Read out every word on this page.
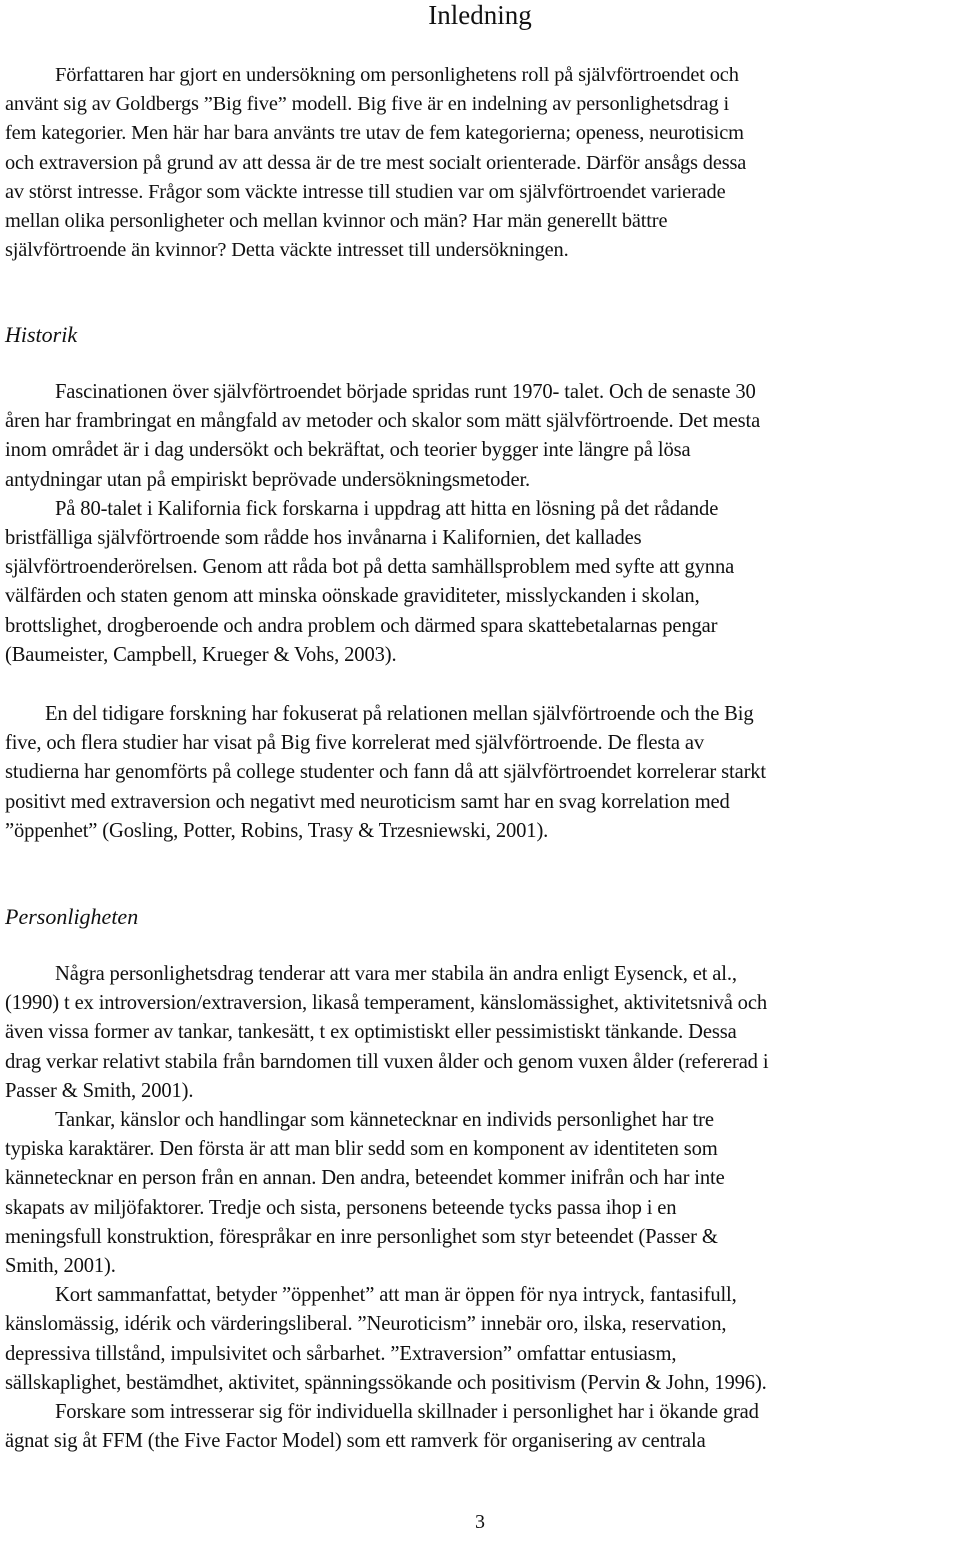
Inledning

Författaren har gjort en undersökning om personlighetens roll på självförtroendet och
använt sig av Goldbergs ”Big five” modell. Big five är en indelning av personlighetsdrag i
fem kategorier. Men här har bara använts tre utav de fem kategorierna; openess, neurotisicm
och extraversion på grund av att dessa är de tre mest socialt orienterade. Därför ansågs dessa
av störst intresse. Frågor som väckte intresse till studien var om självförtroendet varierade
mellan olika personligheter och mellan kvinnor och män? Har män generellt bättre
självförtroende än kvinnor? Detta väckte intresset till undersökningen.

Historik

Fascinationen över självförtroendet började spridas runt 1970- talet. Och de senaste 30
åren har frambringat en mångfald av metoder och skalor som mätt självförtroende. Det mesta
inom området är i dag undersökt och bekräftat, och teorier bygger inte längre på lösa
antydningar utan på empiriskt beprövade undersökningsmetoder.
På 80-talet i Kalifornia fick forskarna i uppdrag att hitta en lösning på det rådande
bristfälliga självförtroende som rådde hos invånarna i Kalifornien, det kallades
självförtroenderörelsen. Genom att råda bot på detta samhällsproblem med syfte att gynna
välfärden och staten genom att minska oönskade graviditeter, misslyckanden i skolan,
brottslighet, drogberoende och andra problem och därmed spara skattebetalarnas pengar
(Baumeister, Campbell, Krueger & Vohs, 2003).

En del tidigare forskning har fokuserat på relationen mellan självförtroende och the Big
five, och flera studier har visat på Big five korrelerat med självförtroende. De flesta av
studierna har genomförts på college studenter och fann då att självförtroendet korrelerar starkt
positivt med extraversion och negativt med neuroticism samt har en svag korrelation med
”öppenhet” (Gosling, Potter, Robins, Trasy & Trzesniewski, 2001).

Personligheten

Några personlighetsdrag tenderar att vara mer stabila än andra enligt Eysenck, et al.,
(1990) t ex introversion/extraversion, likaså temperament, känslomässighet, aktivitetsnivå och
även vissa former av tankar, tankesätt, t ex optimistiskt eller pessimistiskt tänkande. Dessa
drag verkar relativt stabila från barndomen till vuxen ålder och genom vuxen ålder (refererad i
Passer & Smith, 2001).
Tankar, känslor och handlingar som kännetecknar en individs personlighet har tre
typiska karaktärer. Den första är att man blir sedd som en komponent av identiteten som
kännetecknar en person från en annan. Den andra, beteendet kommer inifrån och har inte
skapats av miljöfaktorer. Tredje och sista, personens beteende tycks passa ihop i en
meningsfull konstruktion, förespråkar en inre personlighet som styr beteendet (Passer &
Smith, 2001).
Kort sammanfattat, betyder ”öppenhet” att man är öppen för nya intryck, fantasifull,
känslomässig, idérik och värderingsliberal. ”Neuroticism” innebär oro, ilska, reservation,
depressiva tillstånd, impulsivitet och sårbarhet. ”Extraversion” omfattar entusiasm,
sällskaplighet, bestämdhet, aktivitet, spänningssökande och positivism (Pervin & John, 1996).
Forskare som intresserar sig för individuella skillnader i personlighet har i ökande grad
ägnat sig åt FFM (the Five Factor Model) som ett ramverk för organisering av centrala

3
